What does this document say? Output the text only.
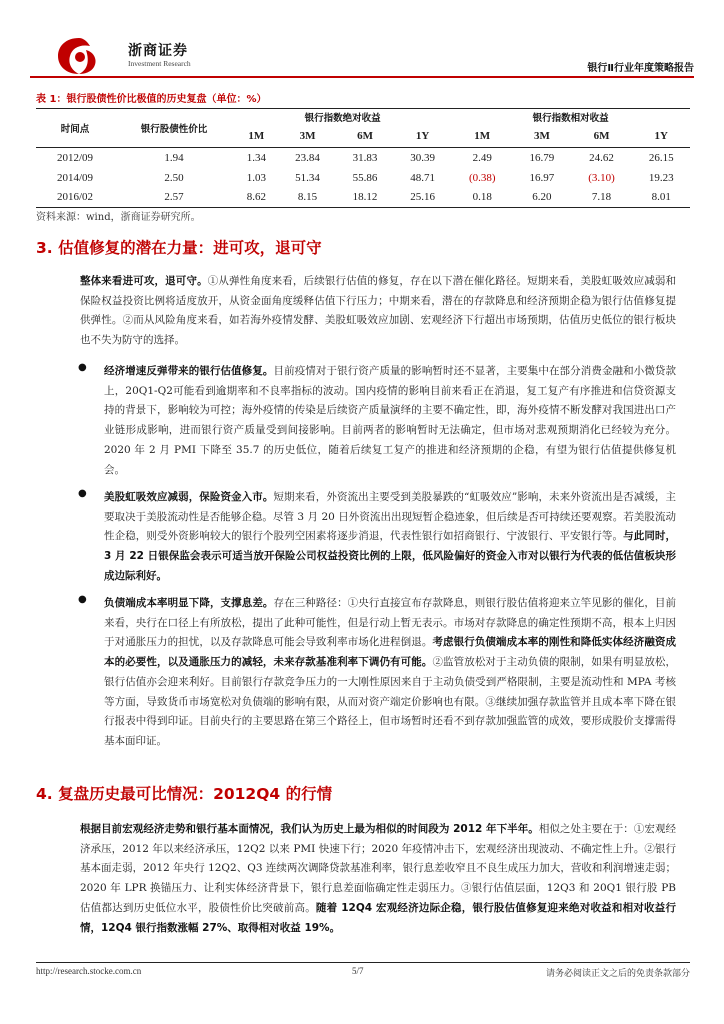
浙商证券
Investment Research	银行Ⅱ行业年度策略报告
表 1：银行股债性价比极值的历史复盘（单位：%）
时间点	银行股债性价比	银行指数绝对收益				银行指数相对收益			
		1M	3M	6M	1Y	1M	3M	6M	1Y
2012/09	1.94	1.34	23.84	31.83	30.39	2.49	16.79	24.62	26.15
2014/09	2.50	1.03	51.34	55.86	48.71	(0.38)	16.97	(3.10)	19.23
2016/02	2.57	8.62	8.15	18.12	25.16	0.18	6.20	7.18	8.01
资料来源：wind，浙商证券研究所。
3. 估值修复的潜在力量：进可攻，退可守
整体来看进可攻，退可守。①从弹性角度来看，后续银行估值的修复，存在以下潜在催化路径。短期来看，美股虹吸效应减弱和保险权益投资比例将适度放开，从资金面角度缓释估值下行压力；中期来看，潜在的存款降息和经济预期企稳为银行估值修复提供弹性。②而从风险角度来看，如若海外疫情发酵、美股虹吸效应加剧、宏观经济下行超出市场预期，估值历史低位的银行板块也不失为防守的选择。
● 经济增速反弹带来的银行估值修复。目前疫情对于银行资产质量的影响暂时还不显著，主要集中在部分消费金融和小微贷款上，20Q1-Q2可能看到逾期率和不良率指标的波动。国内疫情的影响目前来看正在消退，复工复产有序推进和信贷资源支持的背景下，影响较为可控；海外疫情的传染是后续资产质量演绎的主要不确定性，即，海外疫情不断发酵对我国进出口产业链形成影响，进而银行资产质量受到间接影响。目前两者的影响暂时无法确定，但市场对悲观预期消化已经较为充分。2020 年 2 月 PMI 下降至 35.7 的历史低位，随着后续复工复产的推进和经济预期的企稳，有望为银行估值提供修复机会。
● 美股虹吸效应减弱，保险资金入市。短期来看，外资流出主要受到美股暴跌的“虹吸效应”影响，未来外资流出是否减缓，主要取决于美股流动性是否能够企稳。尽管 3 月 20 日外资流出出现短暂企稳迹象，但后续是否可持续还要观察。若美股流动性企稳，则受外资影响较大的银行个股列空困素将逐步消退，代表性银行如招商银行、宁波银行、平安银行等。与此同时，3 月 22 日银保监会表示可适当放开保险公司权益投资比例的上限，低风险偏好的资金入市对以银行为代表的低估值板块形成边际利好。
● 负债端成本率明显下降，支撑息差。存在三种路径：①央行直接宣布存款降息，则银行股估值将迎来立竿见影的催化，目前来看，央行在口径上有所放松，提出了此种可能性，但是行动上暂无表示。市场对存款降息的确定性预期不高，根本上归因于对通胀压力的担忧，以及存款降息可能会导致利率市场化进程倒退。考虑银行负债端成本率的刚性和降低实体经济融资成本的必要性，以及通胀压力的减轻，未来存款基准利率下调仍有可能。②监管放松对于主动负债的限制，如果有明显放松，银行估值亦会迎来利好。目前银行存款竞争压力的一大刚性原因来自于主动负债受到严格限制，主要是流动性和 MPA 考核等方面，导致货币市场宽松对负债端的影响有限，从而对资产端定价影响也有限。③继续加强存款监管并且成本率下降在银行报表中得到印证。目前央行的主要思路在第三个路径上，但市场暂时还看不到存款加强监管的成效，要形成股价支撑需得基本面印证。
4. 复盘历史最可比情况：2012Q4 的行情
根据目前宏观经济走势和银行基本面情况，我们认为历史上最为相似的时间段为 2012 年下半年。相似之处主要在于：①宏观经济承压，2012 年以来经济承压，12Q2 以来 PMI 快速下行；2020 年疫情冲击下，宏观经济出现波动、不确定性上升。②银行基本面走弱，2012 年央行 12Q2、Q3 连续两次调降贷款基准利率，银行息差收窄且不良生成压力加大，营收和利润增速走弱；2020 年 LPR 换锚压力、让利实体经济背景下，银行息差面临确定性走弱压力。③银行估值层面，12Q3 和 20Q1 银行股 PB 估值都达到历史低位水平，股债性价比突破前高。随着 12Q4 宏观经济边际企稳，银行股估值修复迎来绝对收益和相对收益行情，12Q4 银行指数涨幅 27%、取得相对收益 19%。
http://research.stocke.com.cn	5/7	请务必阅读正文之后的免责条款部分
